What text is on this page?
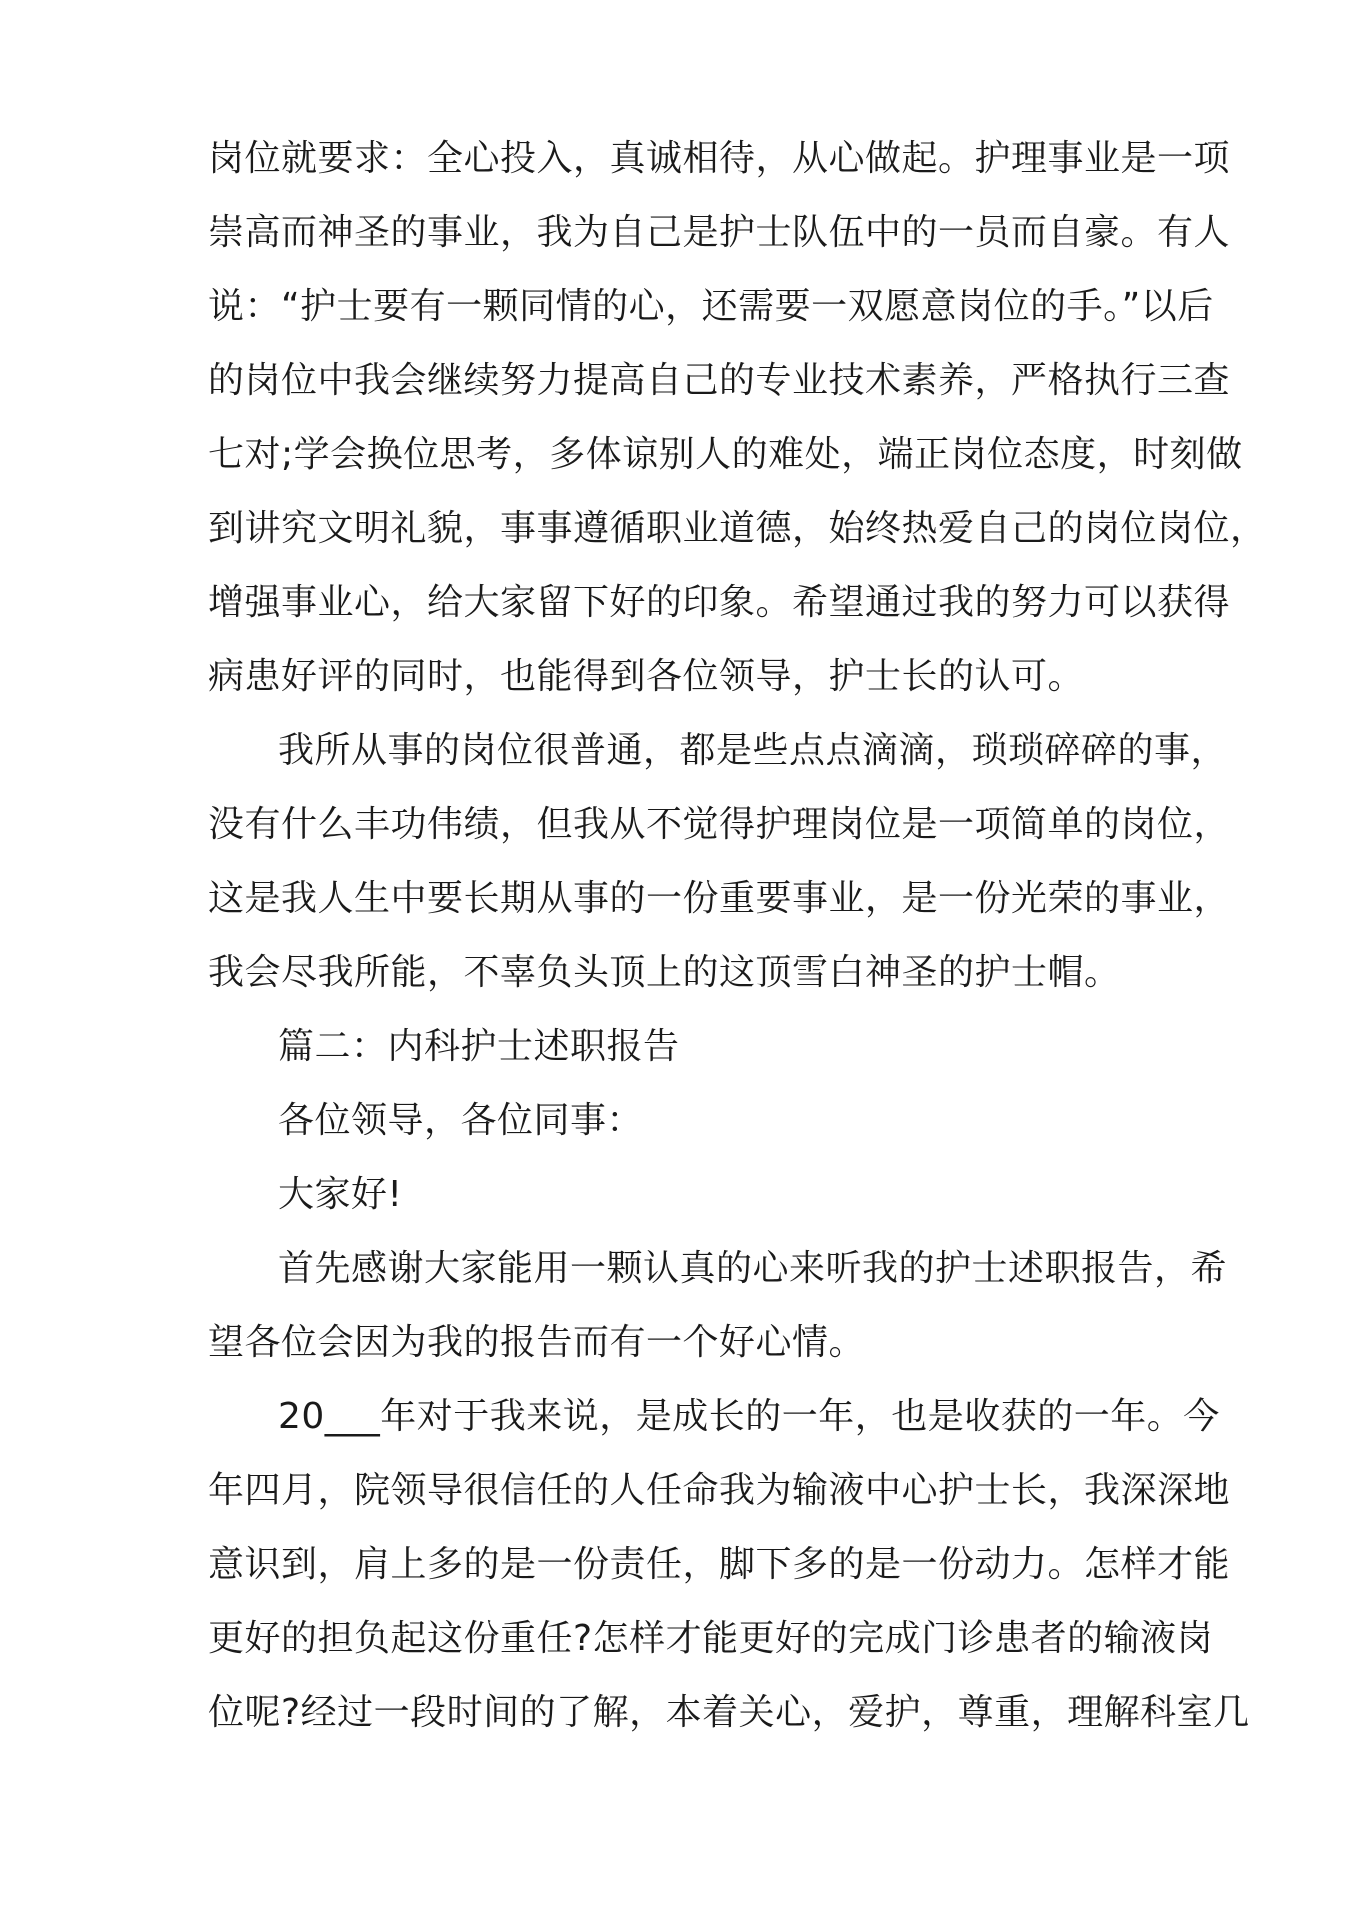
岗位就要求：全心投入，真诚相待，从心做起。护理事业是一项
崇高而神圣的事业，我为自己是护士队伍中的一员而自豪。有人
说：“护士要有一颗同情的心，还需要一双愿意岗位的手。”以后
的岗位中我会继续努力提高自己的专业技术素养，严格执行三查
七对;学会换位思考，多体谅别人的难处，端正岗位态度，时刻做
到讲究文明礼貌，事事遵循职业道德，始终热爱自己的岗位岗位，
增强事业心，给大家留下好的印象。希望通过我的努力可以获得
病患好评的同时，也能得到各位领导，护士长的认可。
我所从事的岗位很普通，都是些点点滴滴，琐琐碎碎的事，
没有什么丰功伟绩，但我从不觉得护理岗位是一项简单的岗位，
这是我人生中要长期从事的一份重要事业，是一份光荣的事业，
我会尽我所能，不辜负头顶上的这顶雪白神圣的护士帽。
篇二：内科护士述职报告
各位领导，各位同事：
大家好!
首先感谢大家能用一颗认真的心来听我的护士述职报告，希
望各位会因为我的报告而有一个好心情。
20___年对于我来说，是成长的一年，也是收获的一年。今
年四月，院领导很信任的人任命我为输液中心护士长，我深深地
意识到，肩上多的是一份责任，脚下多的是一份动力。怎样才能
更好的担负起这份重任?怎样才能更好的完成门诊患者的输液岗
位呢?经过一段时间的了解，本着关心，爱护，尊重，理解科室几
